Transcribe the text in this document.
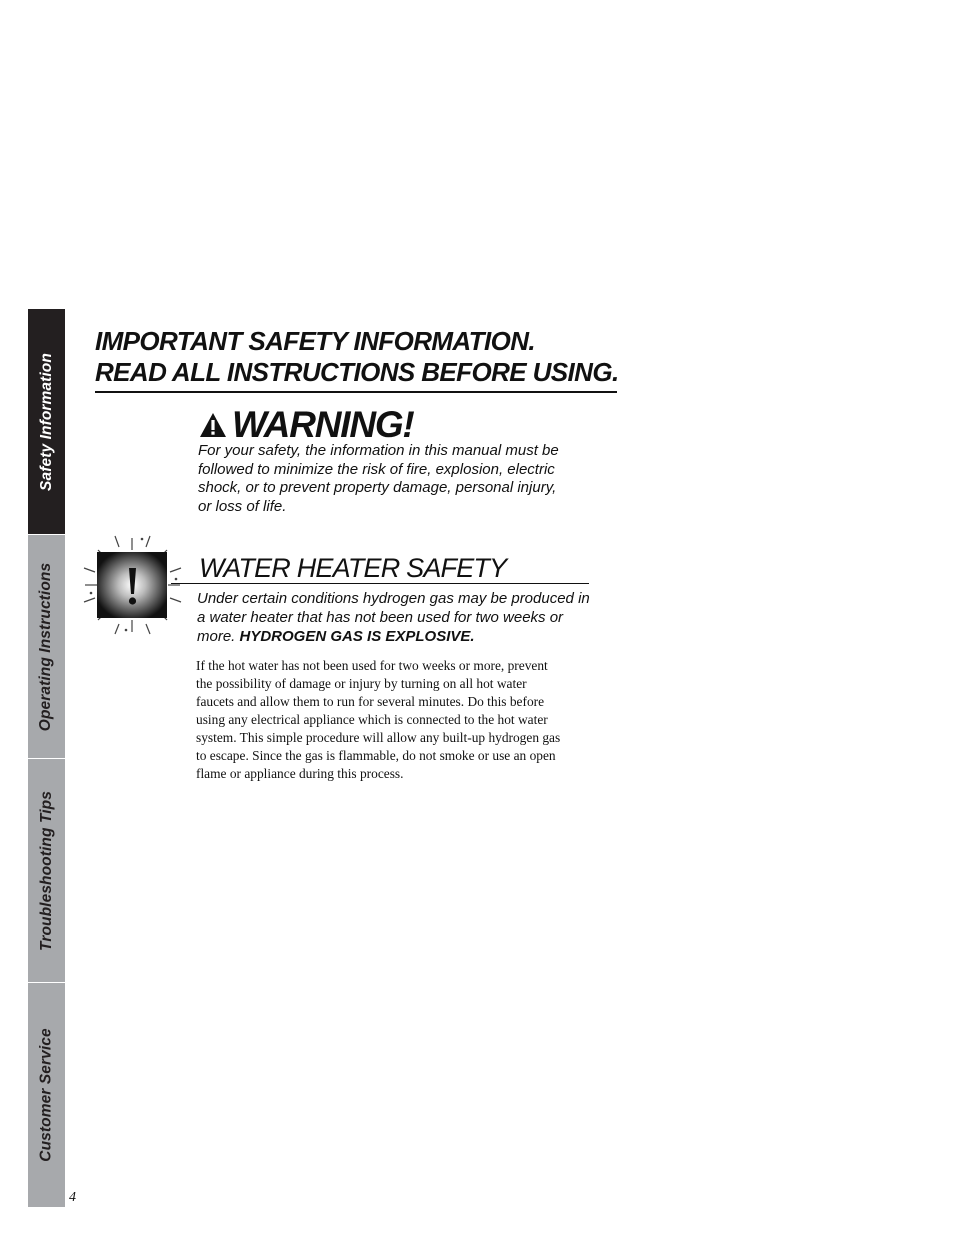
Safety Information
Operating Instructions
Troubleshooting Tips
Customer Service
IMPORTANT SAFETY INFORMATION.
READ ALL INSTRUCTIONS BEFORE USING.
WARNING!

For your safety, the information in this manual must be
followed to minimize the risk of fire, explosion, electric
shock, or to prevent property damage, personal injury,
or loss of life.

WATER HEATER SAFETY

Under certain conditions hydrogen gas may be produced in
a water heater that has not been used for two weeks or
more. HYDROGEN GAS IS EXPLOSIVE.

If the hot water has not been used for two weeks or more, prevent
the possibility of damage or injury by turning on all hot water
faucets and allow them to run for several minutes. Do this before
using any electrical appliance which is connected to the hot water
system. This simple procedure will allow any built-up hydrogen gas
to escape. Since the gas is flammable, do not smoke or use an open
flame or appliance during this process.

4
